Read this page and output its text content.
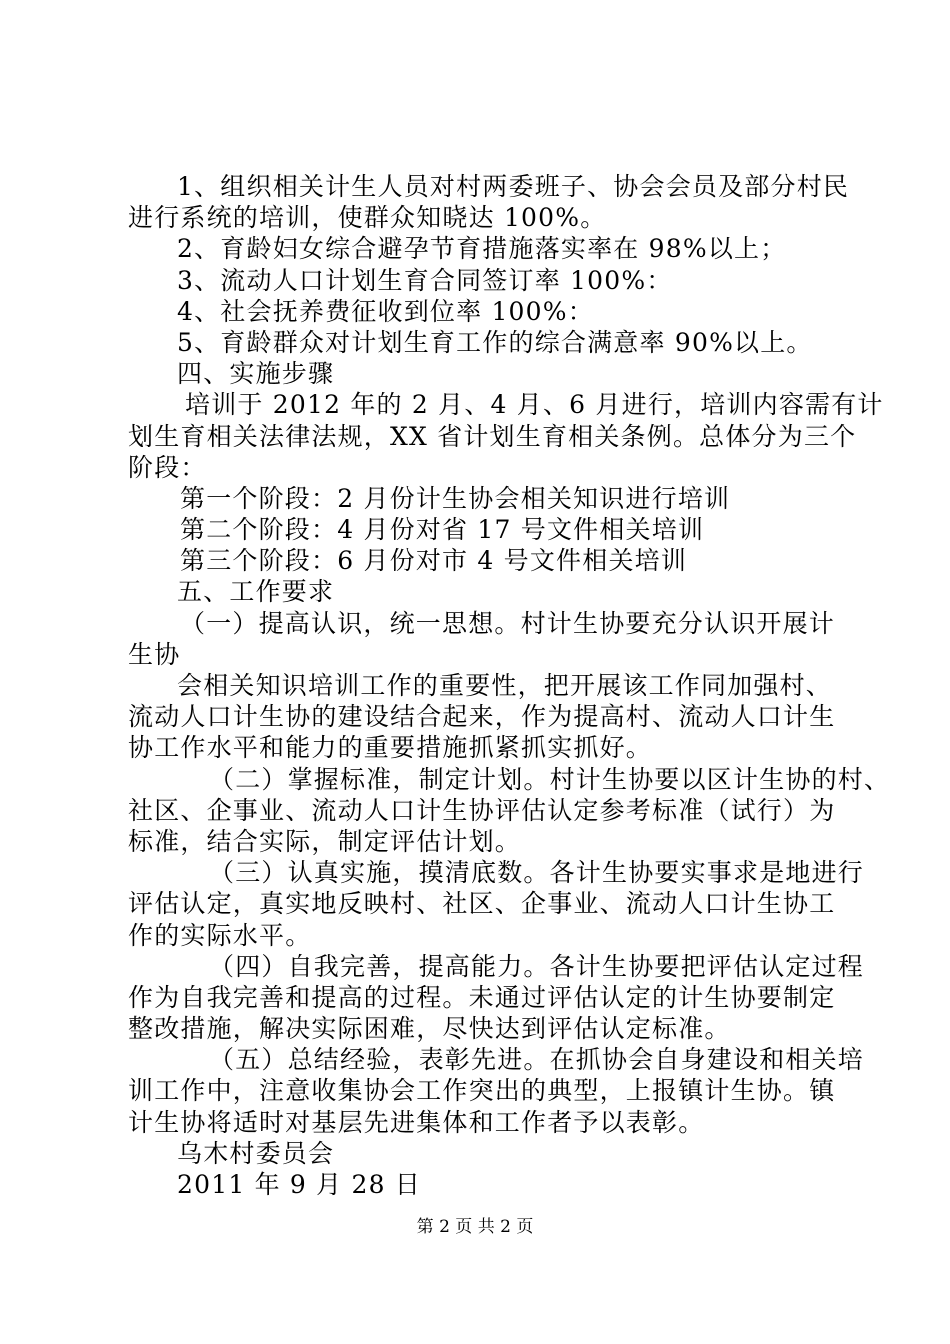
1、组织相关计生人员对村两委班子、协会会员及部分村民
进行系统的培训，使群众知晓达 100%。
2、育龄妇女综合避孕节育措施落实率在 98%以上；
3、流动人口计划生育合同签订率 100%：
4、社会抚养费征收到位率 100%：
5、育龄群众对计划生育工作的综合满意率 90%以上。
四、实施步骤
培训于 2012 年的 2 月、4 月、6 月进行，培训内容需有计
划生育相关法律法规，XX 省计划生育相关条例。总体分为三个
阶段：
第一个阶段：2 月份计生协会相关知识进行培训
第二个阶段：4 月份对省 17 号文件相关培训
第三个阶段：6 月份对市 4 号文件相关培训
五、工作要求
（一）提高认识，统一思想。村计生协要充分认识开展计
生协
会相关知识培训工作的重要性，把开展该工作同加强村、
流动人口计生协的建设结合起来，作为提高村、流动人口计生
协工作水平和能力的重要措施抓紧抓实抓好。
（二）掌握标准，制定计划。村计生协要以区计生协的村、
社区、企事业、流动人口计生协评估认定参考标准（试行）为
标准，结合实际，制定评估计划。
（三）认真实施，摸清底数。各计生协要实事求是地进行
评估认定，真实地反映村、社区、企事业、流动人口计生协工
作的实际水平。
（四）自我完善，提高能力。各计生协要把评估认定过程
作为自我完善和提高的过程。未通过评估认定的计生协要制定
整改措施，解决实际困难，尽快达到评估认定标准。
（五）总结经验，表彰先进。在抓协会自身建设和相关培
训工作中，注意收集协会工作突出的典型，上报镇计生协。镇
计生协将适时对基层先进集体和工作者予以表彰。
乌木村委员会
2011 年 9 月 28 日
第 2 页 共 2 页
